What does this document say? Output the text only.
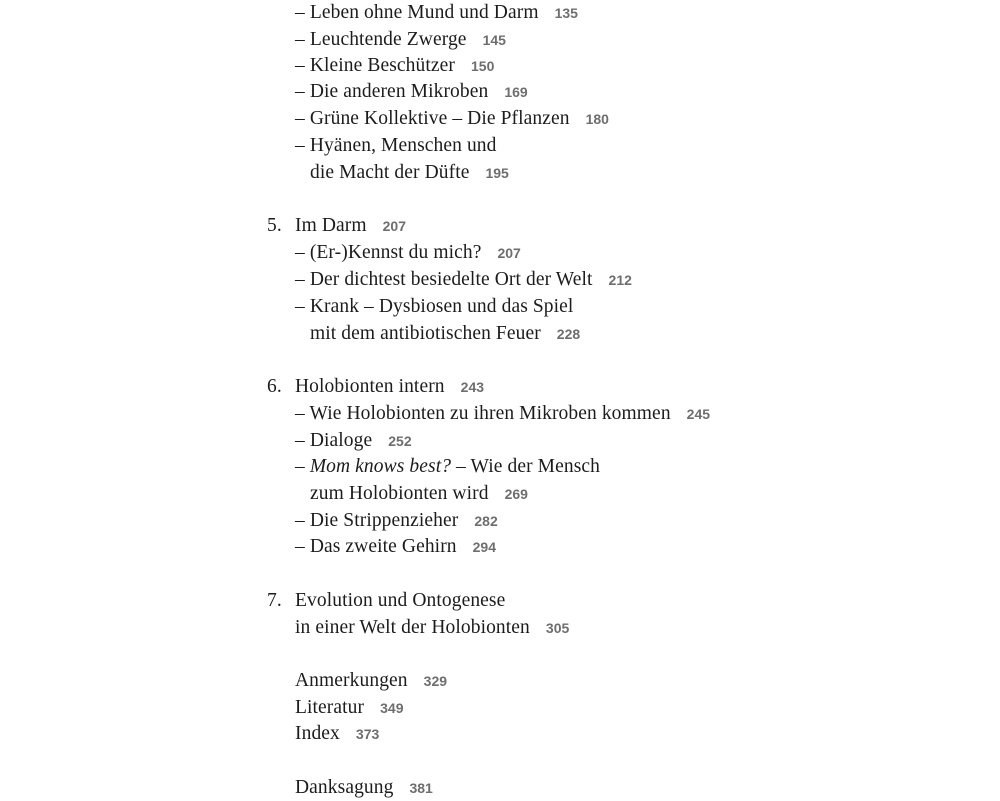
– Leben ohne Mund und Darm 135
– Leuchtende Zwerge 145
– Kleine Beschützer 150
– Die anderen Mikroben 169
– Grüne Kollektive – Die Pflanzen 180
– Hyänen, Menschen und
die Macht der Düfte 195
5. Im Darm 207
– (Er-)Kennst du mich? 207
– Der dichtest besiedelte Ort der Welt 212
– Krank – Dysbiosen und das Spiel
mit dem antibiotischen Feuer 228
6. Holobionten intern 243
– Wie Holobionten zu ihren Mikroben kommen 245
– Dialoge 252
– Mom knows best? – Wie der Mensch
zum Holobionten wird 269
– Die Strippenzieher 282
– Das zweite Gehirn 294
7. Evolution und Ontogenese
in einer Welt der Holobionten 305
Anmerkungen 329
Literatur 349
Index 373
Danksagung 381
